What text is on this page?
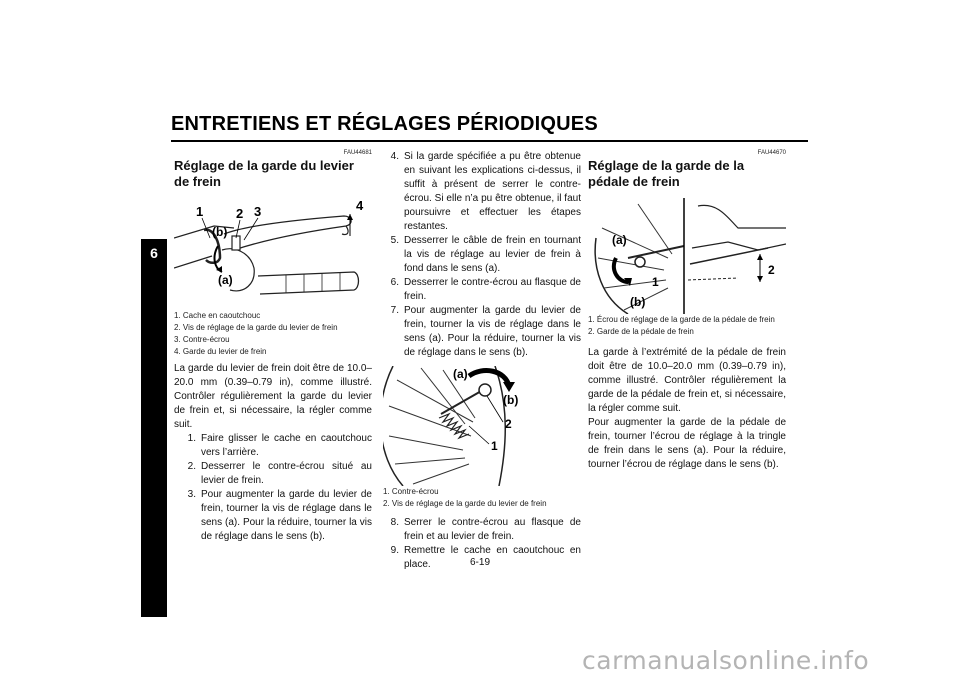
ENTRETIENS ET RÉGLAGES PÉRIODIQUES
6
FAU44681
Réglage de la garde du levier de frein
1	2 3	4
(b)
(a)
1. Cache en caoutchouc
2. Vis de réglage de la garde du levier de frein
3. Contre-écrou
4. Garde du levier de frein

La garde du levier de frein doit être de 10.0–20.0 mm (0.39–0.79 in), comme illustré. Contrôler régulièrement la garde du levier de frein et, si nécessaire, la régler comme suit.

1. Faire glisser le cache en caoutchouc vers l’arrière.
2. Desserrer le contre-écrou situé au levier de frein.
3. Pour augmenter la garde du levier de frein, tourner la vis de réglage dans le sens (a). Pour la réduire, tourner la vis de réglage dans le sens (b).
4. Si la garde spécifiée a pu être obtenue en suivant les explications ci-dessus, il suffit à présent de serrer le contre-écrou. Si elle n’a pu être obtenue, il faut poursuivre et effectuer les étapes restantes.
5. Desserrer le câble de frein en tournant la vis de réglage au levier de frein à fond dans le sens (a).
6. Desserrer le contre-écrou au flasque de frein.
7. Pour augmenter la garde du levier de frein, tourner la vis de réglage dans le sens (a). Pour la réduire, tourner la vis de réglage dans le sens (b).
(a)
(b)
2
1
1. Contre-écrou
2. Vis de réglage de la garde du levier de frein
8. Serrer le contre-écrou au flasque de frein et au levier de frein.
9. Remettre le cache en caoutchouc en place.
FAU44670
Réglage de la garde de la pédale de frein
(a)
1
(b)
2
1. Écrou de réglage de la garde de la pédale de frein
2. Garde de la pédale de frein

La garde à l’extrémité de la pédale de frein doit être de 10.0–20.0 mm (0.39–0.79 in), comme illustré. Contrôler régulièrement la garde de la pédale de frein et, si nécessaire, la régler comme suit.

Pour augmenter la garde de la pédale de frein, tourner l’écrou de réglage à la tringle de frein dans le sens (a). Pour la réduire, tourner l’écrou de réglage dans le sens (b).

6-19
carmanualsonline.info
